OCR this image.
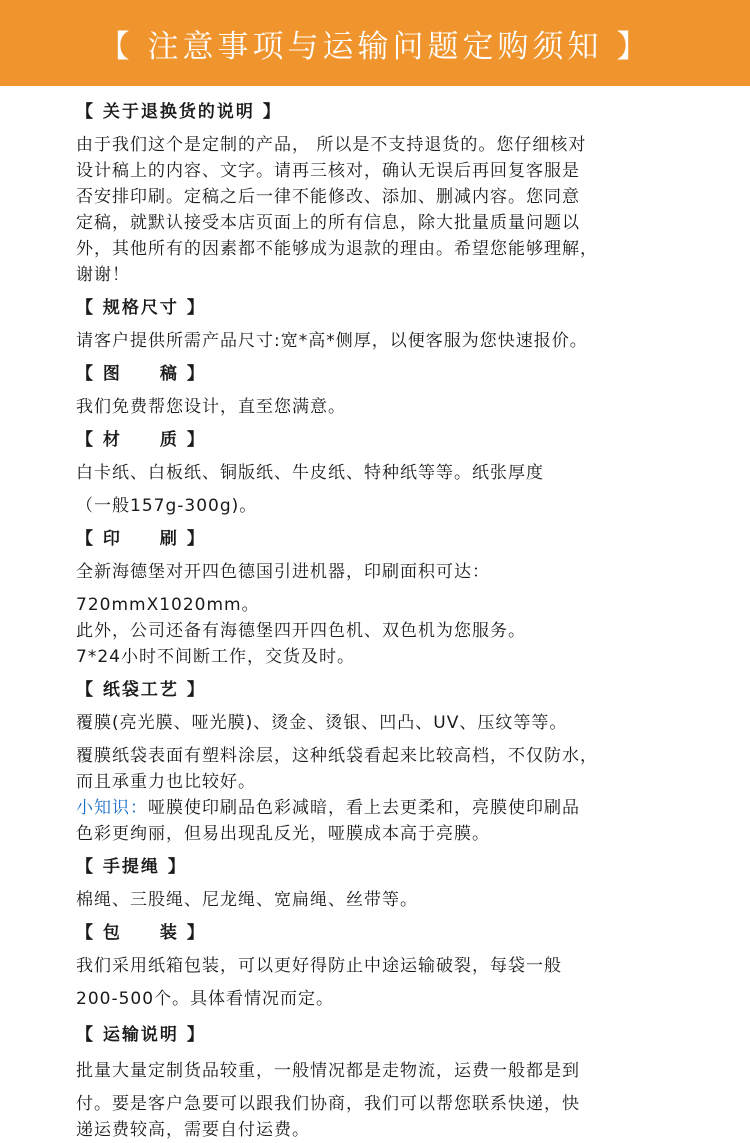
【 注意事项与运输问题定购须知 】
【 关于退换货的说明 】
由于我们这个是定制的产品， 所以是不支持退货的。您仔细核对
设计稿上的内容、文字。请再三核对，确认无误后再回复客服是
否安排印刷。定稿之后一律不能修改、添加、删减内容。您同意
定稿，就默认接受本店页面上的所有信息，除大批量质量问题以
外，其他所有的因素都不能够成为退款的理由。希望您能够理解，
谢谢！
【 规格尺寸 】
请客户提供所需产品尺寸:宽*高*侧厚，以便客服为您快速报价。
【 图　　稿 】
我们免费帮您设计，直至您满意。
【 材　　质 】
白卡纸、白板纸、铜版纸、牛皮纸、特种纸等等。纸张厚度
（一般157g-300g)。
【 印　　刷 】
全新海德堡对开四色德国引进机器，印刷面积可达：
720mmX1020mm。
此外，公司还备有海德堡四开四色机、双色机为您服务。
7*24小时不间断工作，交货及时。
【 纸袋工艺 】
覆膜(亮光膜、哑光膜)、烫金、烫银、凹凸、UV、压纹等等。
覆膜纸袋表面有塑料涂层，这种纸袋看起来比较高档，不仅防水，
而且承重力也比较好。
小知识：哑膜使印刷品色彩减暗，看上去更柔和，亮膜使印刷品
色彩更绚丽，但易出现乱反光，哑膜成本高于亮膜。
【 手提绳 】
棉绳、三股绳、尼龙绳、宽扁绳、丝带等。
【 包　　装 】
我们采用纸箱包装，可以更好得防止中途运输破裂，每袋一般
200-500个。具体看情况而定。
【 运输说明 】
批量大量定制货品较重，一般情况都是走物流，运费一般都是到
付。要是客户急要可以跟我们协商，我们可以帮您联系快递，快
递运费较高，需要自付运费。
